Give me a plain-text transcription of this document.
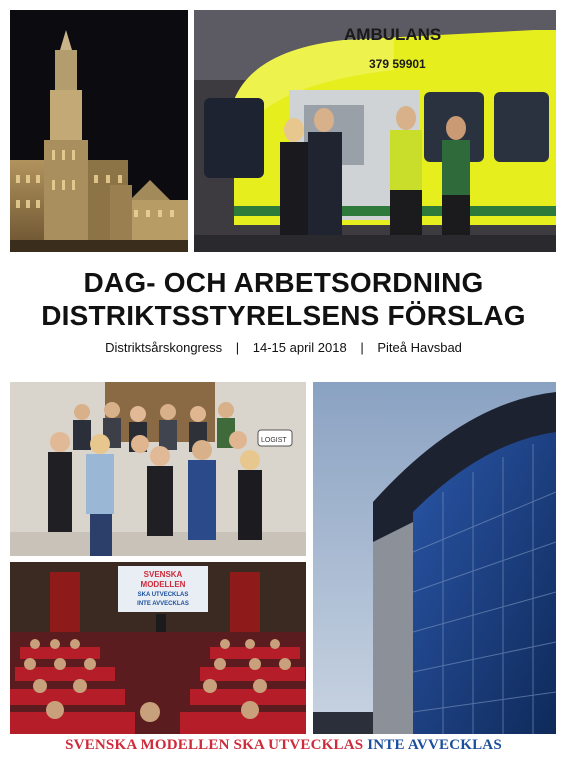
AMBULANS
379 59901

DAG- OCH ARBETSORDNING

DISTRIKTSSTYRELSENS FÖRSLAG

Distriktsårskongress | 14-15 april 2018 | Piteå Havsbad
LOGIST
SVENSKA
MODELLEN
SKA UTVECKLAS
INTE AVVECKLAS
SVENSKA MODELLEN SKA UTVECKLAS INTE AVVECKLAS
